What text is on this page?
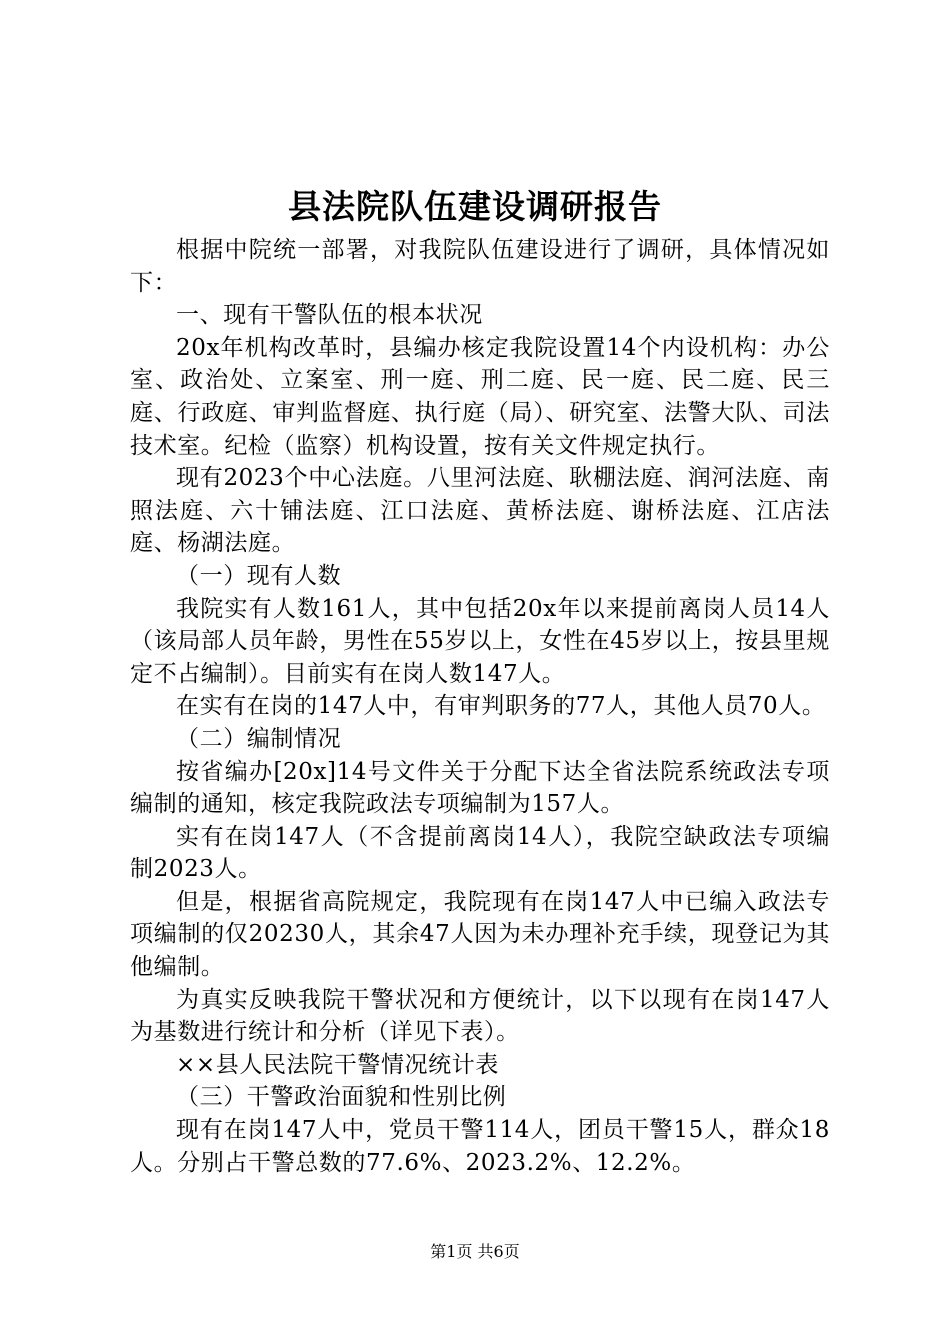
县法院队伍建设调研报告

根据中院统一部署，对我院队伍建设进行了调研，具体情况如下：

一、现有干警队伍的根本状况

20x年机构改革时，县编办核定我院设置14个内设机构：办公室、政治处、立案室、刑一庭、刑二庭、民一庭、民二庭、民三庭、行政庭、审判监督庭、执行庭（局）、研究室、法警大队、司法技术室。纪检（监察）机构设置，按有关文件规定执行。

现有2023个中心法庭。八里河法庭、耿棚法庭、润河法庭、南照法庭、六十铺法庭、江口法庭、黄桥法庭、谢桥法庭、江店法庭、杨湖法庭。

（一）现有人数

我院实有人数161人，其中包括20x年以来提前离岗人员14人（该局部人员年龄，男性在55岁以上，女性在45岁以上，按县里规定不占编制）。目前实有在岗人数147人。

在实有在岗的147人中，有审判职务的77人，其他人员70人。

（二）编制情况

按省编办[20x]14号文件关于分配下达全省法院系统政法专项编制的通知，核定我院政法专项编制为157人。

实有在岗147人（不含提前离岗14人），我院空缺政法专项编制2023人。

但是，根据省高院规定，我院现有在岗147人中已编入政法专项编制的仅20230人，其余47人因为未办理补充手续，现登记为其他编制。

为真实反映我院干警状况和方便统计，以下以现有在岗147人为基数进行统计和分析（详见下表）。

××县人民法院干警情况统计表

（三）干警政治面貌和性别比例

现有在岗147人中，党员干警114人，团员干警15人，群众18人。分别占干警总数的77.6%、2023.2%、12.2%。

第1页 共6页
